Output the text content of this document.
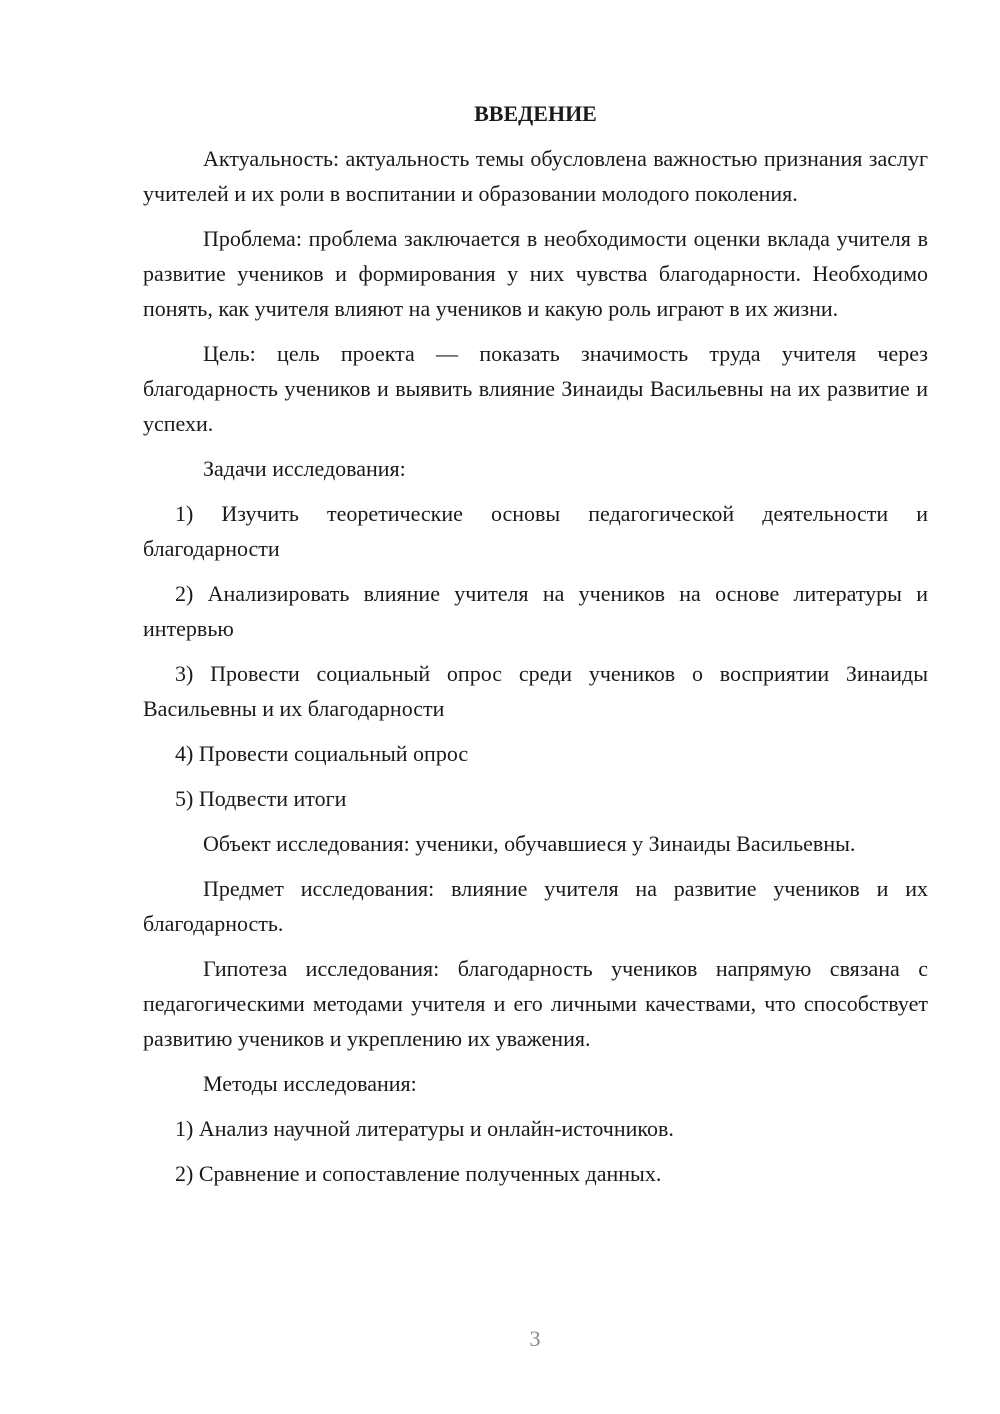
ВВЕДЕНИЕ

Актуальность: актуальность темы обусловлена важностью признания заслуг учителей и их роли в воспитании и образовании молодого поколения.

Проблема: проблема заключается в необходимости оценки вклада учителя в развитие учеников и формирования у них чувства благодарности. Необходимо понять, как учителя влияют на учеников и какую роль играют в их жизни.

Цель: цель проекта — показать значимость труда учителя через благодарность учеников и выявить влияние Зинаиды Васильевны на их развитие и успехи.

Задачи исследования:

1) Изучить теоретические основы педагогической деятельности и благодарности

2) Анализировать влияние учителя на учеников на основе литературы и интервью

3) Провести социальный опрос среди учеников о восприятии Зинаиды Васильевны и их благодарности

4) Провести социальный опрос

5) Подвести итоги

Объект исследования: ученики, обучавшиеся у Зинаиды Васильевны.

Предмет исследования: влияние учителя на развитие учеников и их благодарность.

Гипотеза исследования: благодарность учеников напрямую связана с педагогическими методами учителя и его личными качествами, что способствует развитию учеников и укреплению их уважения.

Методы исследования:

1) Анализ научной литературы и онлайн-источников.

2) Сравнение и сопоставление полученных данных.

3
